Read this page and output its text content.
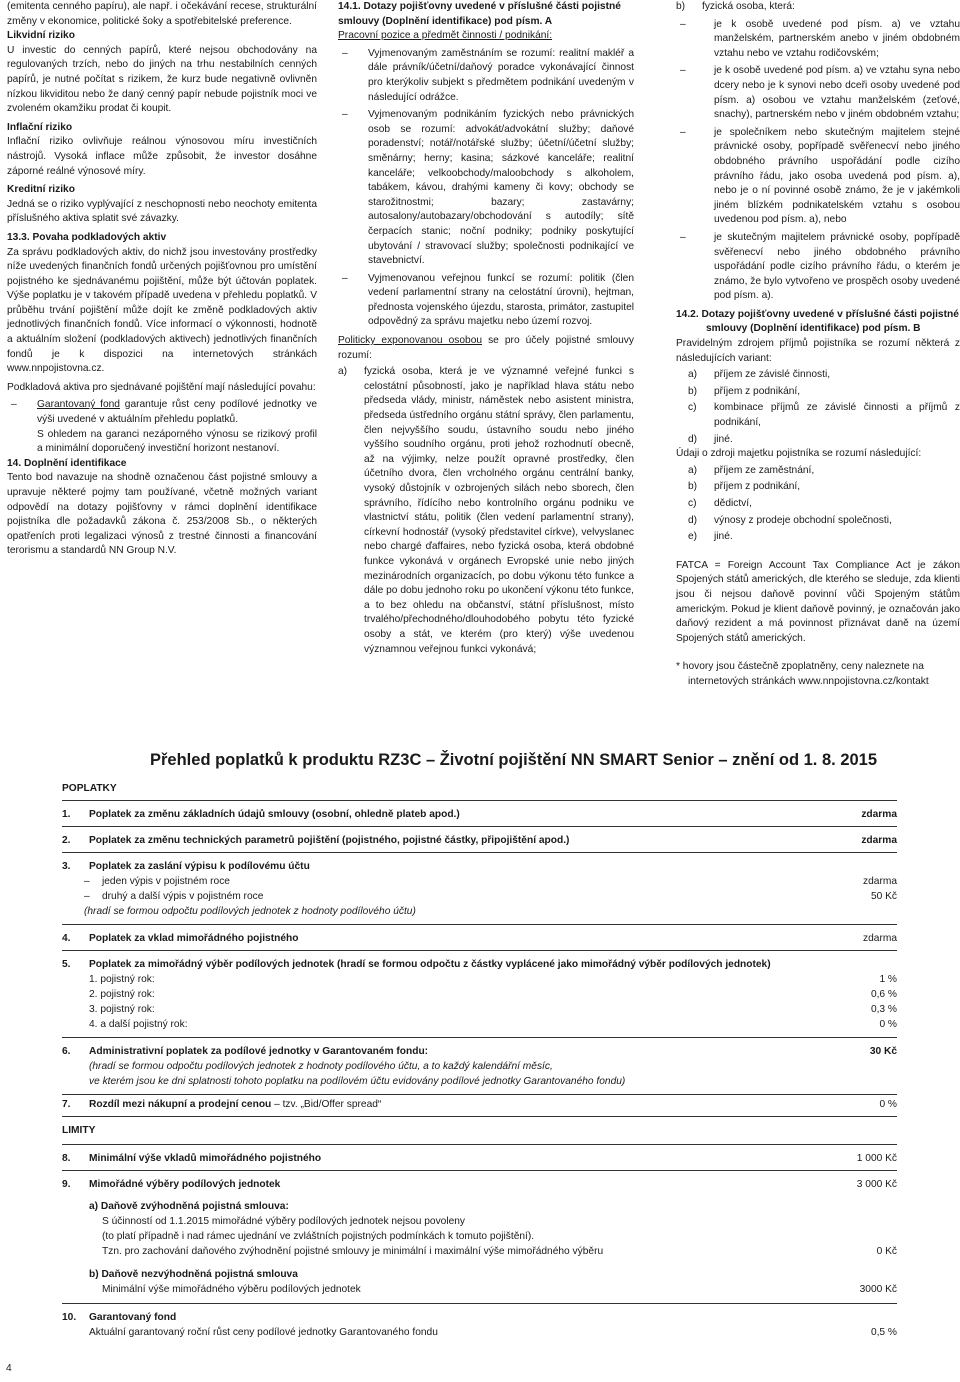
(emitenta cenného papíru), ale např. i očekávání recese, strukturální změny v ekonomice, politické šoky a spotřebitelské preference.

Likvidní riziko

U investic do cenných papírů, které nejsou obchodovány na regulovaných trzích, nebo do jiných na trhu nestabilních cenných papírů, je nutné počítat s rizikem, že kurz bude negativně ovlivněn nízkou likviditou nebo že daný cenný papír nebude pojistník moci ve zvoleném okamžiku prodat či koupit.

Inflační riziko

Inflační riziko ovlivňuje reálnou výnosovou míru investičních nástrojů. Vysoká inflace může způsobit, že investor dosáhne záporné reálné výnosové míry.

Kreditní riziko

Jedná se o riziko vyplývající z neschopnosti nebo neochoty emitenta příslušného aktiva splatit své závazky.

13.3. Povaha podkladových aktiv

Za správu podkladových aktiv, do nichž jsou investovány prostředky níže uvedených finančních fondů určených pojišťovnou pro umístění pojistného ke sjednávanému pojištění, může být účtován poplatek. Výše poplatku je v takovém případě uvedena v přehledu poplatků. V průběhu trvání pojištění může dojít ke změně podkladových aktiv jednotlivých finančních fondů. Více informací o výkonnosti, hodnotě a aktuálním složení (podkladových aktivech) jednotlivých finančních fondů je k dispozici na internetových stránkách www.nnpojistovna.cz.

Podkladová aktiva pro sjednávané pojištění mají následující povahu:

– Garantovaný fond garantuje růst ceny podílové jednotky ve výši uvedené v aktuálním přehledu poplatků.

S ohledem na garanci nezáporného výnosu se rizikový profil a minimální doporučený investiční horizont nestanoví.

14. Doplnění identifikace

Tento bod navazuje na shodně označenou část pojistné smlouvy a upravuje některé pojmy tam používané, včetně možných variant odpovědí na dotazy pojišťovny v rámci doplnění identifikace pojistníka dle požadavků zákona č. 253/2008 Sb., o některých opatřeních proti legalizaci výnosů z trestné činnosti a financování terorismu a standardů NN Group N.V.

14.1. Dotazy pojišťovny uvedené v příslušné části pojistné smlouvy (Doplnění identifikace) pod písm. A

Pracovní pozice a předmět činnosti / podnikání:

– Vyjmenovaným zaměstnáním se rozumí: realitní makléř a dále právník/účetní/daňový poradce vykonávající činnost pro kterýkoliv subjekt s předmětem podnikání uvedeným v následující odrážce.
– Vyjmenovaným podnikáním fyzických nebo právnických osob se rozumí: advokát/advokátní služby; daňové poradenství; notář/notářské služby; účetní/účetní služby; směnárny; herny; kasina; sázkové kanceláře; realitní kanceláře; velkoobchody/maloobchody s alkoholem, tabákem, kávou, drahými kameny či kovy; obchody se starožitnostmi; bazary; zastavárny; autosalony/autobazary/obchodování s autodíly; sítě čerpacích stanic; noční podniky; podniky poskytující ubytování / stravovací služby; společnosti podnikající ve stavebnictví.
– Vyjmenovanou veřejnou funkcí se rozumí: politik (člen vedení parlamentní strany na celostátní úrovni), hejtman, přednosta vojenského újezdu, starosta, primátor, zastupitel odpovědný za správu majetku nebo území rozvoj.

Politicky exponovanou osobou se pro účely pojistné smlouvy rozumí:

a) fyzická osoba, která je ve významné veřejné funkci s celostátní působností, jako je například hlava státu nebo předseda vlády, ministr, náměstek nebo asistent ministra, předseda ústředního orgánu státní správy, člen parlamentu, člen nejvyššího soudu, ústavního soudu nebo jiného vyššího soudního orgánu, proti jehož rozhodnutí obecně, až na výjimky, nelze použít opravné prostředky, člen účetního dvora, člen vrcholného orgánu centrální banky, vysoký důstojník v ozbrojených silách nebo sborech, člen správního, řídícího nebo kontrolního orgánu podniku ve vlastnictví státu, politik (člen vedení parlamentní strany), církevní hodnostář (vysoký představitel církve), velvyslanec nebo chargé ďaffaires, nebo fyzická osoba, která obdobné funkce vykonává v orgánech Evropské unie nebo jiných mezinárodních organizacích, po dobu výkonu této funkce a dále po dobu jednoho roku po ukončení výkonu této funkce, a to bez ohledu na občanství, státní příslušnost, místo trvalého/přechodného/dlouhodobého pobytu této fyzické osoby a stát, ve kterém (pro který) výše uvedenou významnou veřejnou funkci vykonává;
b) fyzická osoba, která:
– je k osobě uvedené pod písm. a) ve vztahu manželském, partnerském anebo v jiném obdobném vztahu nebo ve vztahu rodičovském;
– je k osobě uvedené pod písm. a) ve vztahu syna nebo dcery nebo je k synovi nebo dceři osoby uvedené pod písm. a) osobou ve vztahu manželském (zeťové, snachy), partnerském nebo v jiném obdobném vztahu;
– je společníkem nebo skutečným majitelem stejné právnické osoby, popřípadě svěřenecví nebo jiného obdobného právního uspořádání podle cizího právního řádu, jako osoba uvedená pod písm. a), nebo je o ní povinné osobě známo, že je v jakémkoli jiném blízkém podnikatelském vztahu s osobou uvedenou pod písm. a), nebo
– je skutečným majitelem právnické osoby, popřípadě svěřenecví nebo jiného obdobného právního uspořádání podle cizího právního řádu, o kterém je známo, že bylo vytvořeno ve prospěch osoby uvedené pod písm. a).

14.2. Dotazy pojišťovny uvedené v příslušné části pojistné smlouvy (Doplnění identifikace) pod písm. B

Pravidelným zdrojem příjmů pojistníka se rozumí některá z následujících variant:

a) příjem ze závislé činnosti,
b) příjem z podnikání,
c) kombinace příjmů ze závislé činnosti a příjmů z podnikání,
d) jiné.

Údaji o zdroji majetku pojistníka se rozumí následující:

a) příjem ze zaměstnání,
b) příjem z podnikání,
c) dědictví,
d) výnosy z prodeje obchodní společnosti,
e) jiné.

FATCA = Foreign Account Tax Compliance Act je zákon Spojených států amerických, dle kterého se sleduje, zda klienti jsou či nejsou daňově povinní vůči Spojeným státům americkým. Pokud je klient daňově povinný, je označován jako daňový rezident a má povinnost přiznávat daně na území Spojených států amerických.

* hovory jsou částečně zpoplatněny, ceny naleznete na internetových stránkách www.nnpojistovna.cz/kontakt

Přehled poplatků k produktu RZ3C – Životní pojištění NN SMART Senior – znění od 1. 8. 2015
POPLATKY
1. Poplatek za změnu základních údajů smlouvy (osobní, ohledně plateb apod.)	zdarma
2. Poplatek za změnu technických parametrů pojištění (pojistného, pojistné částky, připojištění apod.)	zdarma
3. Poplatek za zaslání výpisu k podílovému účtu
– jeden výpis v pojistném roce	zdarma
– druhý a další výpis v pojistném roce	50 Kč
(hradí se formou odpočtu podílových jednotek z hodnoty podílového účtu)
4. Poplatek za vklad mimořádného pojistného	zdarma
5. Poplatek za mimořádný výběr podílových jednotek (hradí se formou odpočtu z částky vyplácené jako mimořádný výběr podílových jednotek)
1. pojistný rok:	1 %
2. pojistný rok:	0,6 %
3. pojistný rok:	0,3 %
4. a další pojistný rok:	0 %
6. Administrativní poplatek za podílové jednotky v Garantovaném fondu:	30 Kč
(hradí se formou odpočtu podílových jednotek z hodnoty podílového účtu, a to každý kalendářní měsíc,
ve kterém jsou ke dni splatnosti tohoto poplatku na podílovém účtu evidovány podílové jednotky Garantovaného fondu)
7. Rozdíl mezi nákupní a prodejní cenou – tzv. „Bid/Offer spread“	0 %
LIMITY
8. Minimální výše vkladů mimořádného pojistného	1 000 Kč
9. Mimořádné výběry podílových jednotek	3 000 Kč
a) Daňově zvýhodněná pojistná smlouva:
S účinností od 1.1.2015 mimořádné výběry podílových jednotek nejsou povoleny
(to platí případně i nad rámec ujednání ve zvláštních pojistných podmínkách k tomuto pojištění).
Tzn. pro zachování daňového zvýhodnění pojistné smlouvy je minimální i maximální výše mimořádného výběru	0 Kč
b) Daňově nezvýhodněná pojistná smlouva
Minimální výše mimořádného výběru podílových jednotek	3000 Kč
10. Garantovaný fond
Aktuální garantovaný roční růst ceny podílové jednotky Garantovaného fondu	0,5 %
4
